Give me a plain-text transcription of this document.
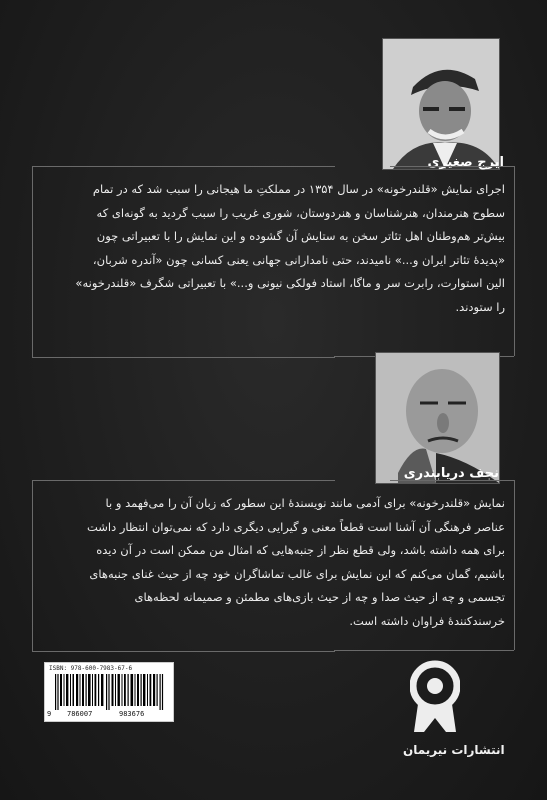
ایرج صغیری
اجرای نمایش «قلندرخونه» در سال ۱۳۵۴ در مملکتِ ما هیجانی را سبب شد که در تمام
سطوح هنرمندان، هنرشناسان و هنردوستان، شوری غریب را سبب گردید به گونه‌ای که
بیش‌تر هم‌وطنان اهل تئاتر سخن به ستایش آن گشوده و این نمایش را با تعبیراتی چون
«پدیدهٔ تئاتر ایران و...» نامیدند، حتی نامدارانی جهانی یعنی کسانی چون «آندره شربان،
الین استوارت، رابرت سر و ماگا، استاد فولکی نیونی و...» با تعبیراتی شگرف «قلندرخونه»
را ستودند.
نجف دریابندری
نمایش «قلندرخونه» برای آدمی مانند نویسندهٔ این سطور که زبان آن را می‌فهمد و با
عناصر فرهنگی آن آشنا است قطعاً معنی و گیرایی دیگری دارد که نمی‌توان انتظار داشت
برای همه داشته باشد، ولی قطع نظر از جنبه‌هایی که امثال من ممکن است در آن دیده
باشیم، گمان می‌کنم که این نمایش برای غالب تماشاگران خود چه از حیث غنای جنبه‌های
تجسمی و چه از حیث صدا و چه از حیث بازی‌های مطمئن و صمیمانه لحظه‌های
خرسندکنندهٔ فراوان داشته است.
ISBN: 978-600-7983-67-6
9 786007	983676
انتشارات نیریمان
